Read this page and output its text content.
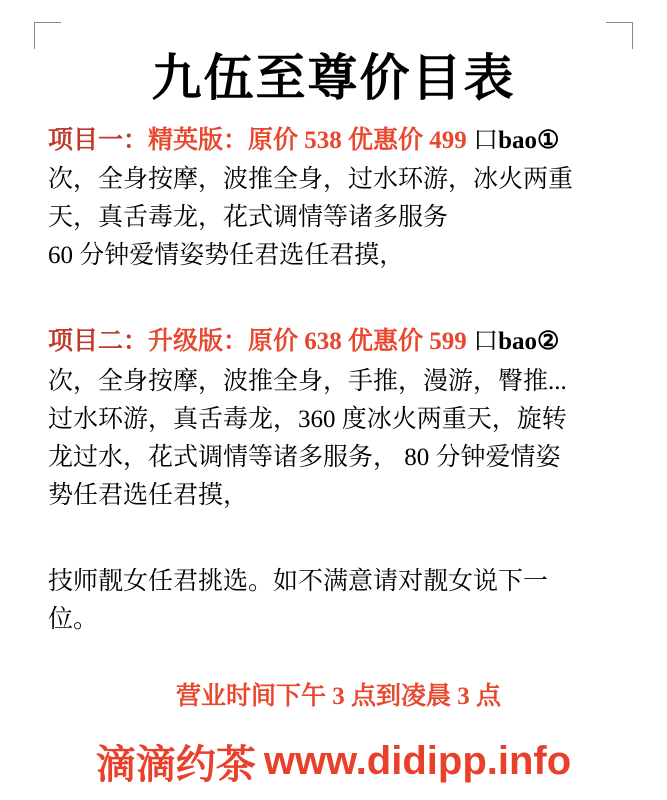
九伍至尊价目表
项目一：精英版：原价 538 优惠价 499 口bao①
次，全身按摩，波推全身，过水环游，冰火两重
天，真舌毒龙，花式调情等诸多服务
60 分钟爱情姿势任君选任君摸，
项目二：升级版：原价 638 优惠价 599 口bao②
次，全身按摩，波推全身，手推，漫游，臀推...
过水环游，真舌毒龙，360 度冰火两重天，旋转
龙过水，花式调情等诸多服务， 80 分钟爱情姿
势任君选任君摸，
技师靓女任君挑选。如不满意请对靓女说下一
位。
营业时间下午 3 点到凌晨 3 点
滴滴约茶 www.didipp.info
